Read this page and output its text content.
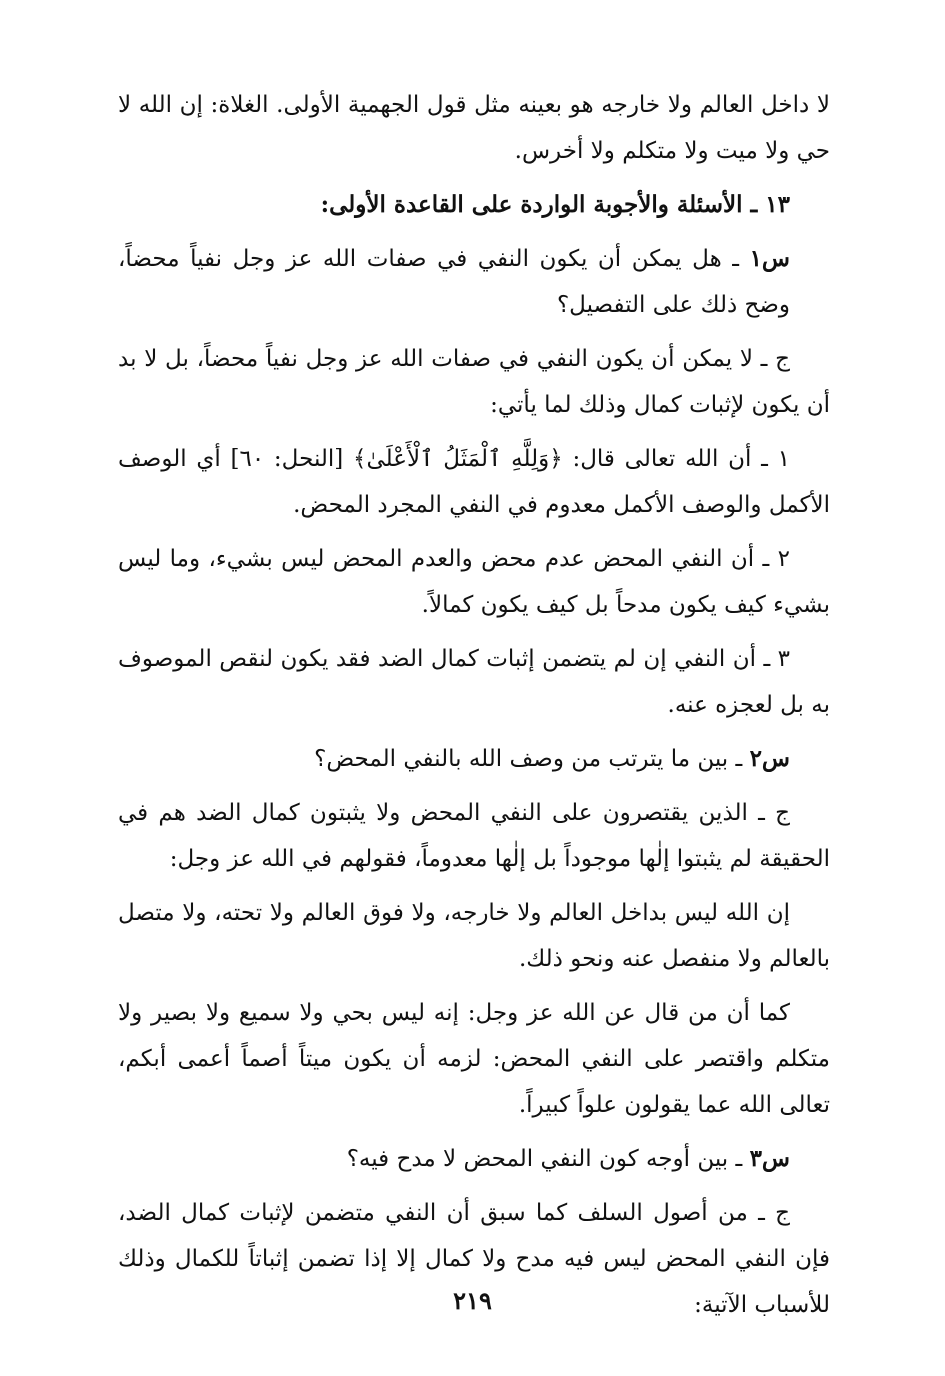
لا داخل العالم ولا خارجه هو بعينه مثل قول الجهمية الأولى. الغلاة: إن الله لا حي ولا ميت ولا متكلم ولا أخرس.

١٣ ـ الأسئلة والأجوبة الواردة على القاعدة الأولى:

س١ ـ هل يمكن أن يكون النفي في صفات الله عز وجل نفياً محضاً، وضح ذلك على التفصيل؟

ج ـ لا يمكن أن يكون النفي في صفات الله عز وجل نفياً محضاً، بل لا بد أن يكون لإثبات كمال وذلك لما يأتي:

١ ـ أن الله تعالى قال: ﴿وَلِلَّهِ ٱلْمَثَلُ ٱلْأَعْلَىٰ﴾ [النحل: ٦٠] أي الوصف الأكمل والوصف الأكمل معدوم في النفي المجرد المحض.

٢ ـ أن النفي المحض عدم محض والعدم المحض ليس بشيء، وما ليس بشيء كيف يكون مدحاً بل كيف يكون كمالاً.

٣ ـ أن النفي إن لم يتضمن إثبات كمال الضد فقد يكون لنقص الموصوف به بل لعجزه عنه.

س٢ ـ بين ما يترتب من وصف الله بالنفي المحض؟

ج ـ الذين يقتصرون على النفي المحض ولا يثبتون كمال الضد هم في الحقيقة لم يثبتوا إلٰها موجوداً بل إلٰها معدوماً، فقولهم في الله عز وجل:

إن الله ليس بداخل العالم ولا خارجه، ولا فوق العالم ولا تحته، ولا متصل بالعالم ولا منفصل عنه ونحو ذلك.

كما أن من قال عن الله عز وجل: إنه ليس بحي ولا سميع ولا بصير ولا متكلم واقتصر على النفي المحض: لزمه أن يكون ميتاً أصماً أعمى أبكم، تعالى الله عما يقولون علواً كبيراً.

س٣ ـ بين أوجه كون النفي المحض لا مدح فيه؟

ج ـ من أصول السلف كما سبق أن النفي متضمن لإثبات كمال الضد، فإن النفي المحض ليس فيه مدح ولا كمال إلا إذا تضمن إثباتاً للكمال وذلك للأسباب الآتية:

٢١٩
